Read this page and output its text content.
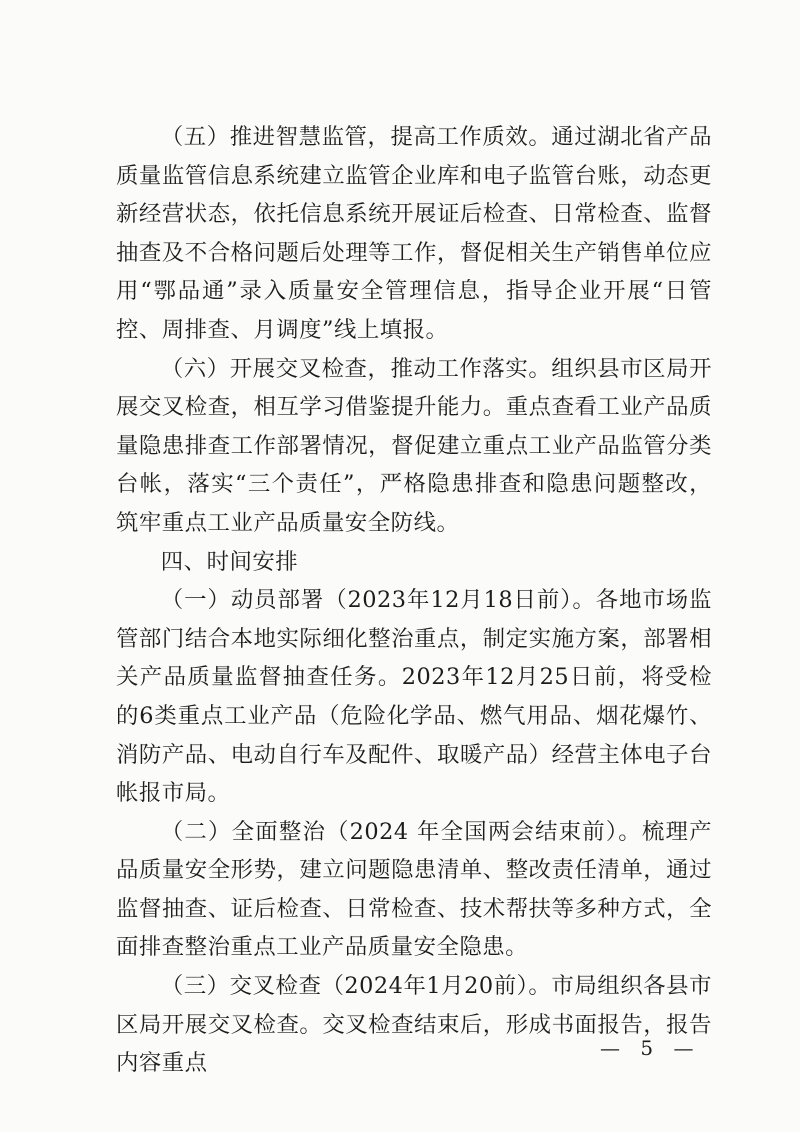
（五）推进智慧监管，提高工作质效。通过湖北省产品质量监管信息系统建立监管企业库和电子监管台账，动态更新经营状态，依托信息系统开展证后检查、日常检查、监督抽查及不合格问题后处理等工作，督促相关生产销售单位应用“鄂品通”录入质量安全管理信息，指导企业开展“日管控、周排查、月调度”线上填报。

（六）开展交叉检查，推动工作落实。组织县市区局开展交叉检查，相互学习借鉴提升能力。重点查看工业产品质量隐患排查工作部署情况，督促建立重点工业产品监管分类台帐，落实“三个责任”，严格隐患排查和隐患问题整改，筑牢重点工业产品质量安全防线。

四、时间安排

（一）动员部署（2023年12月18日前）。各地市场监管部门结合本地实际细化整治重点，制定实施方案，部署相关产品质量监督抽查任务。2023年12月25日前，将受检的6类重点工业产品（危险化学品、燃气用品、烟花爆竹、消防产品、电动自行车及配件、取暖产品）经营主体电子台帐报市局。

（二）全面整治（2024 年全国两会结束前）。梳理产品质量安全形势，建立问题隐患清单、整改责任清单，通过监督抽查、证后检查、日常检查、技术帮扶等多种方式，全面排查整治重点工业产品质量安全隐患。

（三）交叉检查（2024年1月20前）。市局组织各县市区局开展交叉检查。交叉检查结束后，形成书面报告，报告内容重点

— 5 —
